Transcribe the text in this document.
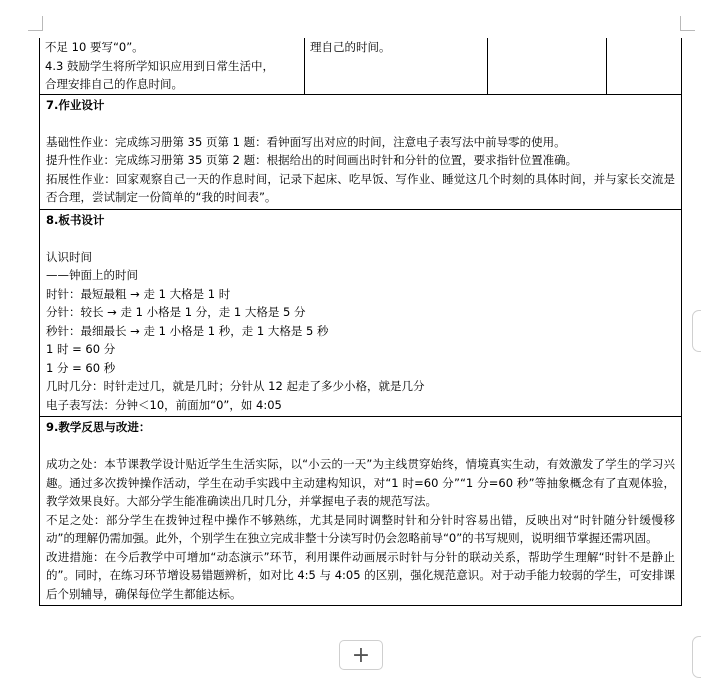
不足 10 要写“0”。
4.3 鼓励学生将所学知识应用到日常生活中，
合理安排自己的作息时间。
理自己的时间。
7.作业设计
基础性作业：完成练习册第 35 页第 1 题：看钟面写出对应的时间，注意电子表写法中前导零的使用。
提升性作业：完成练习册第 35 页第 2 题：根据给出的时间画出时针和分针的位置，要求指针位置准确。
拓展性作业：回家观察自己一天的作息时间，记录下起床、吃早饭、写作业、睡觉这几个时刻的具体时间，并与家长交流是否合理，尝试制定一份简单的“我的时间表”。
8.板书设计
认识时间
——钟面上的时间
时针：最短最粗 → 走 1 大格是 1 时
分针：较长 → 走 1 小格是 1 分，走 1 大格是 5 分
秒针：最细最长 → 走 1 小格是 1 秒，走 1 大格是 5 秒
1 时 = 60 分
1 分 = 60 秒
几时几分：时针走过几，就是几时；分针从 12 起走了多少小格，就是几分
电子表写法：分钟＜10，前面加“0”，如 4:05
9.教学反思与改进：
成功之处：本节课教学设计贴近学生生活实际，以“小云的一天”为主线贯穿始终，情境真实生动，有效激发了学生的学习兴趣。通过多次拨钟操作活动，学生在动手实践中主动建构知识，对“1 时=60 分”“1 分=60 秒”等抽象概念有了直观体验，教学效果良好。大部分学生能准确读出几时几分，并掌握电子表的规范写法。
不足之处：部分学生在拨钟过程中操作不够熟练，尤其是同时调整时针和分针时容易出错，反映出对“时针随分针缓慢移动”的理解仍需加强。此外，个别学生在独立完成非整十分读写时仍会忽略前导“0”的书写规则，说明细节掌握还需巩固。
改进措施：在今后教学中可增加“动态演示”环节，利用课件动画展示时针与分针的联动关系，帮助学生理解“时针不是静止的”。同时，在练习环节增设易错题辨析，如对比 4:5 与 4:05 的区别，强化规范意识。对于动手能力较弱的学生，可安排课后个别辅导，确保每位学生都能达标。
+
